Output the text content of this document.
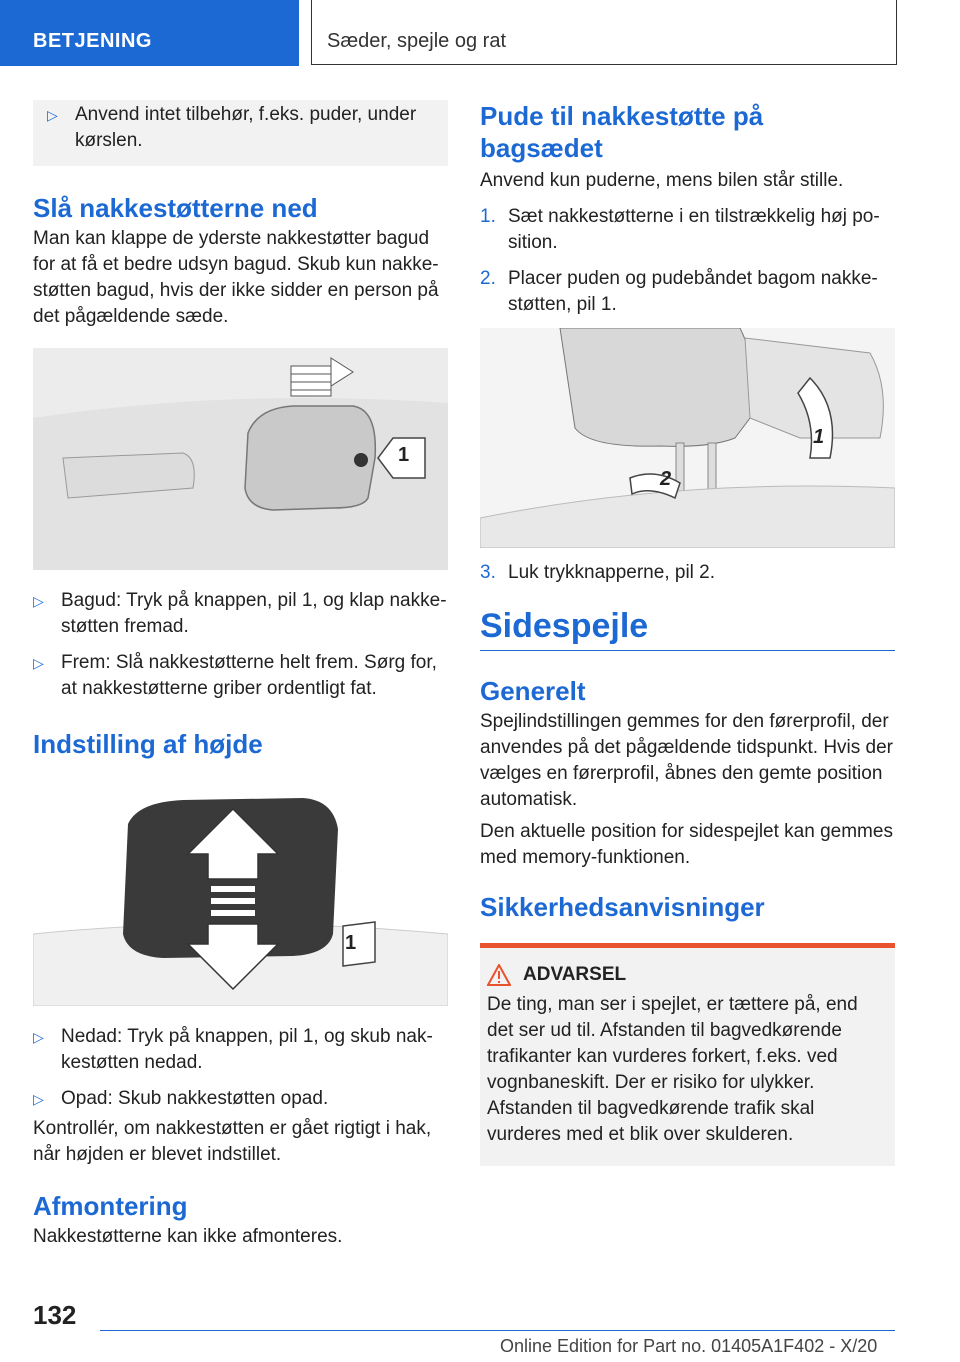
BETJENING	Sæder, spejle og rat
▷ Anvend intet tilbehør, f.eks. puder, under kørslen.
Slå nakkestøtterne ned

Man kan klappe de yderste nakkestøtter bagud for at få et bedre udsyn bagud. Skub kun nakkestøtten bagud, hvis der ikke sidder en person på det pågældende sæde.

1
▷ Bagud: Tryk på knappen, pil 1, og klap nakkestøtten fremad.
▷ Frem: Slå nakkestøtterne helt frem. Sørg for, at nakkestøtterne griber ordentligt fat.
Indstilling af højde
1
▷ Nedad: Tryk på knappen, pil 1, og skub nakkestøtten nedad.
▷ Opad: Skub nakkestøtten opad.

Kontrollér, om nakkestøtten er gået rigtigt i hak, når højden er blevet indstillet.

Afmontering

Nakkestøtterne kan ikke afmonteres.

Pude til nakkestøtte på bagsædet

Anvend kun puderne, mens bilen står stille.

1. Sæt nakkestøtterne i en tilstrækkelig høj position.
2. Placer puden og pudebåndet bagom nakkestøtten, pil 1.
1
2
3. Luk trykknapperne, pil 2.
Sidespejle
Generelt

Spejlindstillingen gemmes for den førerprofil, der anvendes på det pågældende tidspunkt. Hvis der vælges en førerprofil, åbnes den gemte position automatisk.

Den aktuelle position for sidespejlet kan gemmes med memory-funktionen.

Sikkerhedsanvisninger
ADVARSEL

De ting, man ser i spejlet, er tættere på, end det ser ud til. Afstanden til bagvedkørende trafikanter kan vurderes forkert, f.eks. ved vognbaneskift. Der er risiko for ulykker. Afstanden til bagvedkørende trafik skal vurderes med et blik over skulderen.

132
Online Edition for Part no. 01405A1F402 - X/20
